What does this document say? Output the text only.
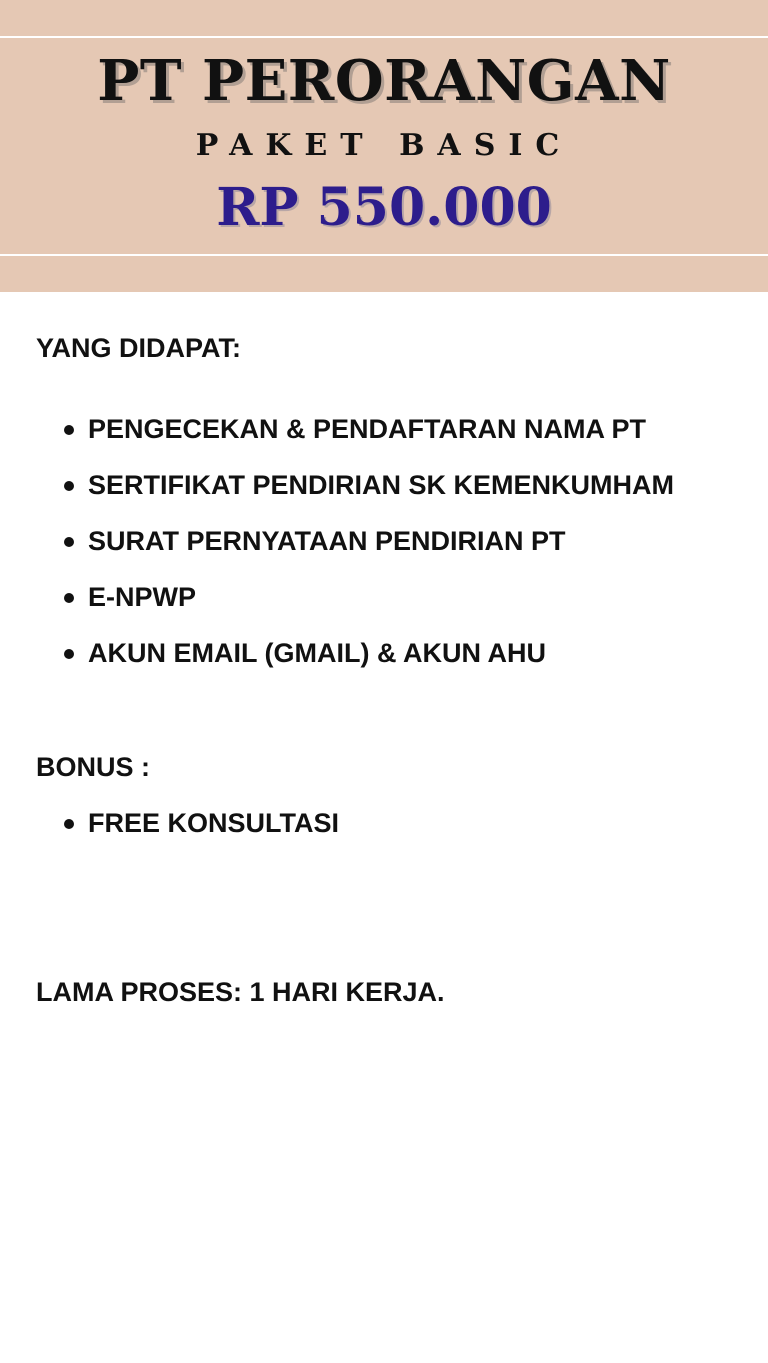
PT PERORANGAN
PAKET BASIC
RP 550.000
YANG DIDAPAT:
PENGECEKAN & PENDAFTARAN NAMA PT
SERTIFIKAT PENDIRIAN SK KEMENKUMHAM
SURAT PERNYATAAN PENDIRIAN PT
E-NPWP
AKUN EMAIL (GMAIL) & AKUN AHU
BONUS :
FREE KONSULTASI
LAMA PROSES: 1 HARI KERJA.
